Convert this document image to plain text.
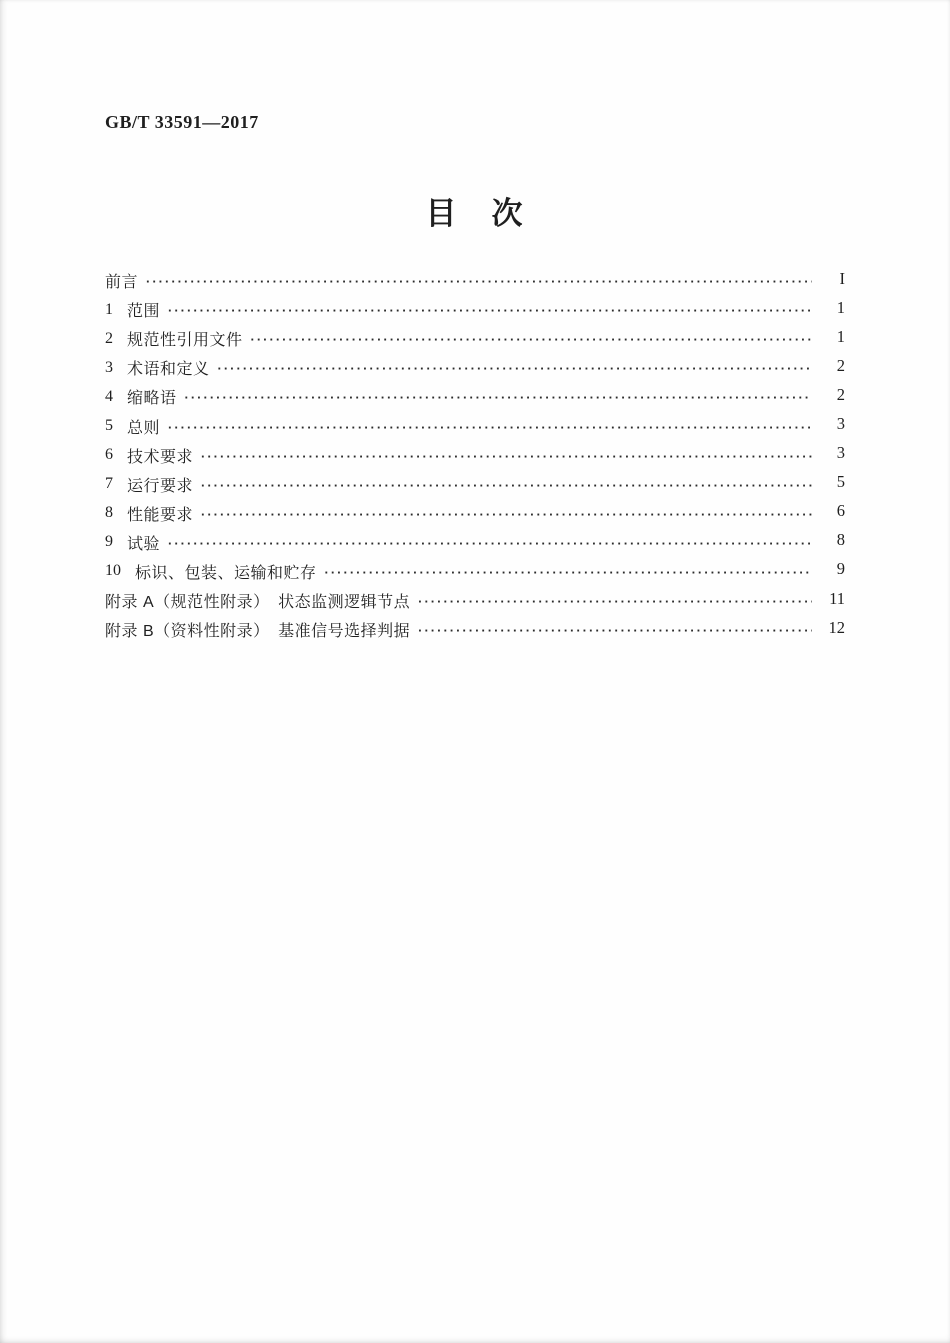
GB/T 33591—2017
目　次
前言 ·····	I
1 范围 ·····	1
2 规范性引用文件 ·····	1
3 术语和定义 ·····	2
4 缩略语 ·····	2
5 总则 ·····	3
6 技术要求 ·····	3
7 运行要求 ·····	5
8 性能要求 ·····	6
9 试验 ·····	8
10 标识、包装、运输和贮存 ·····	9
附录 A（规范性附录）　状态监测逻辑节点 ·····	11
附录 B（资料性附录）　基准信号选择判据 ·····	12
